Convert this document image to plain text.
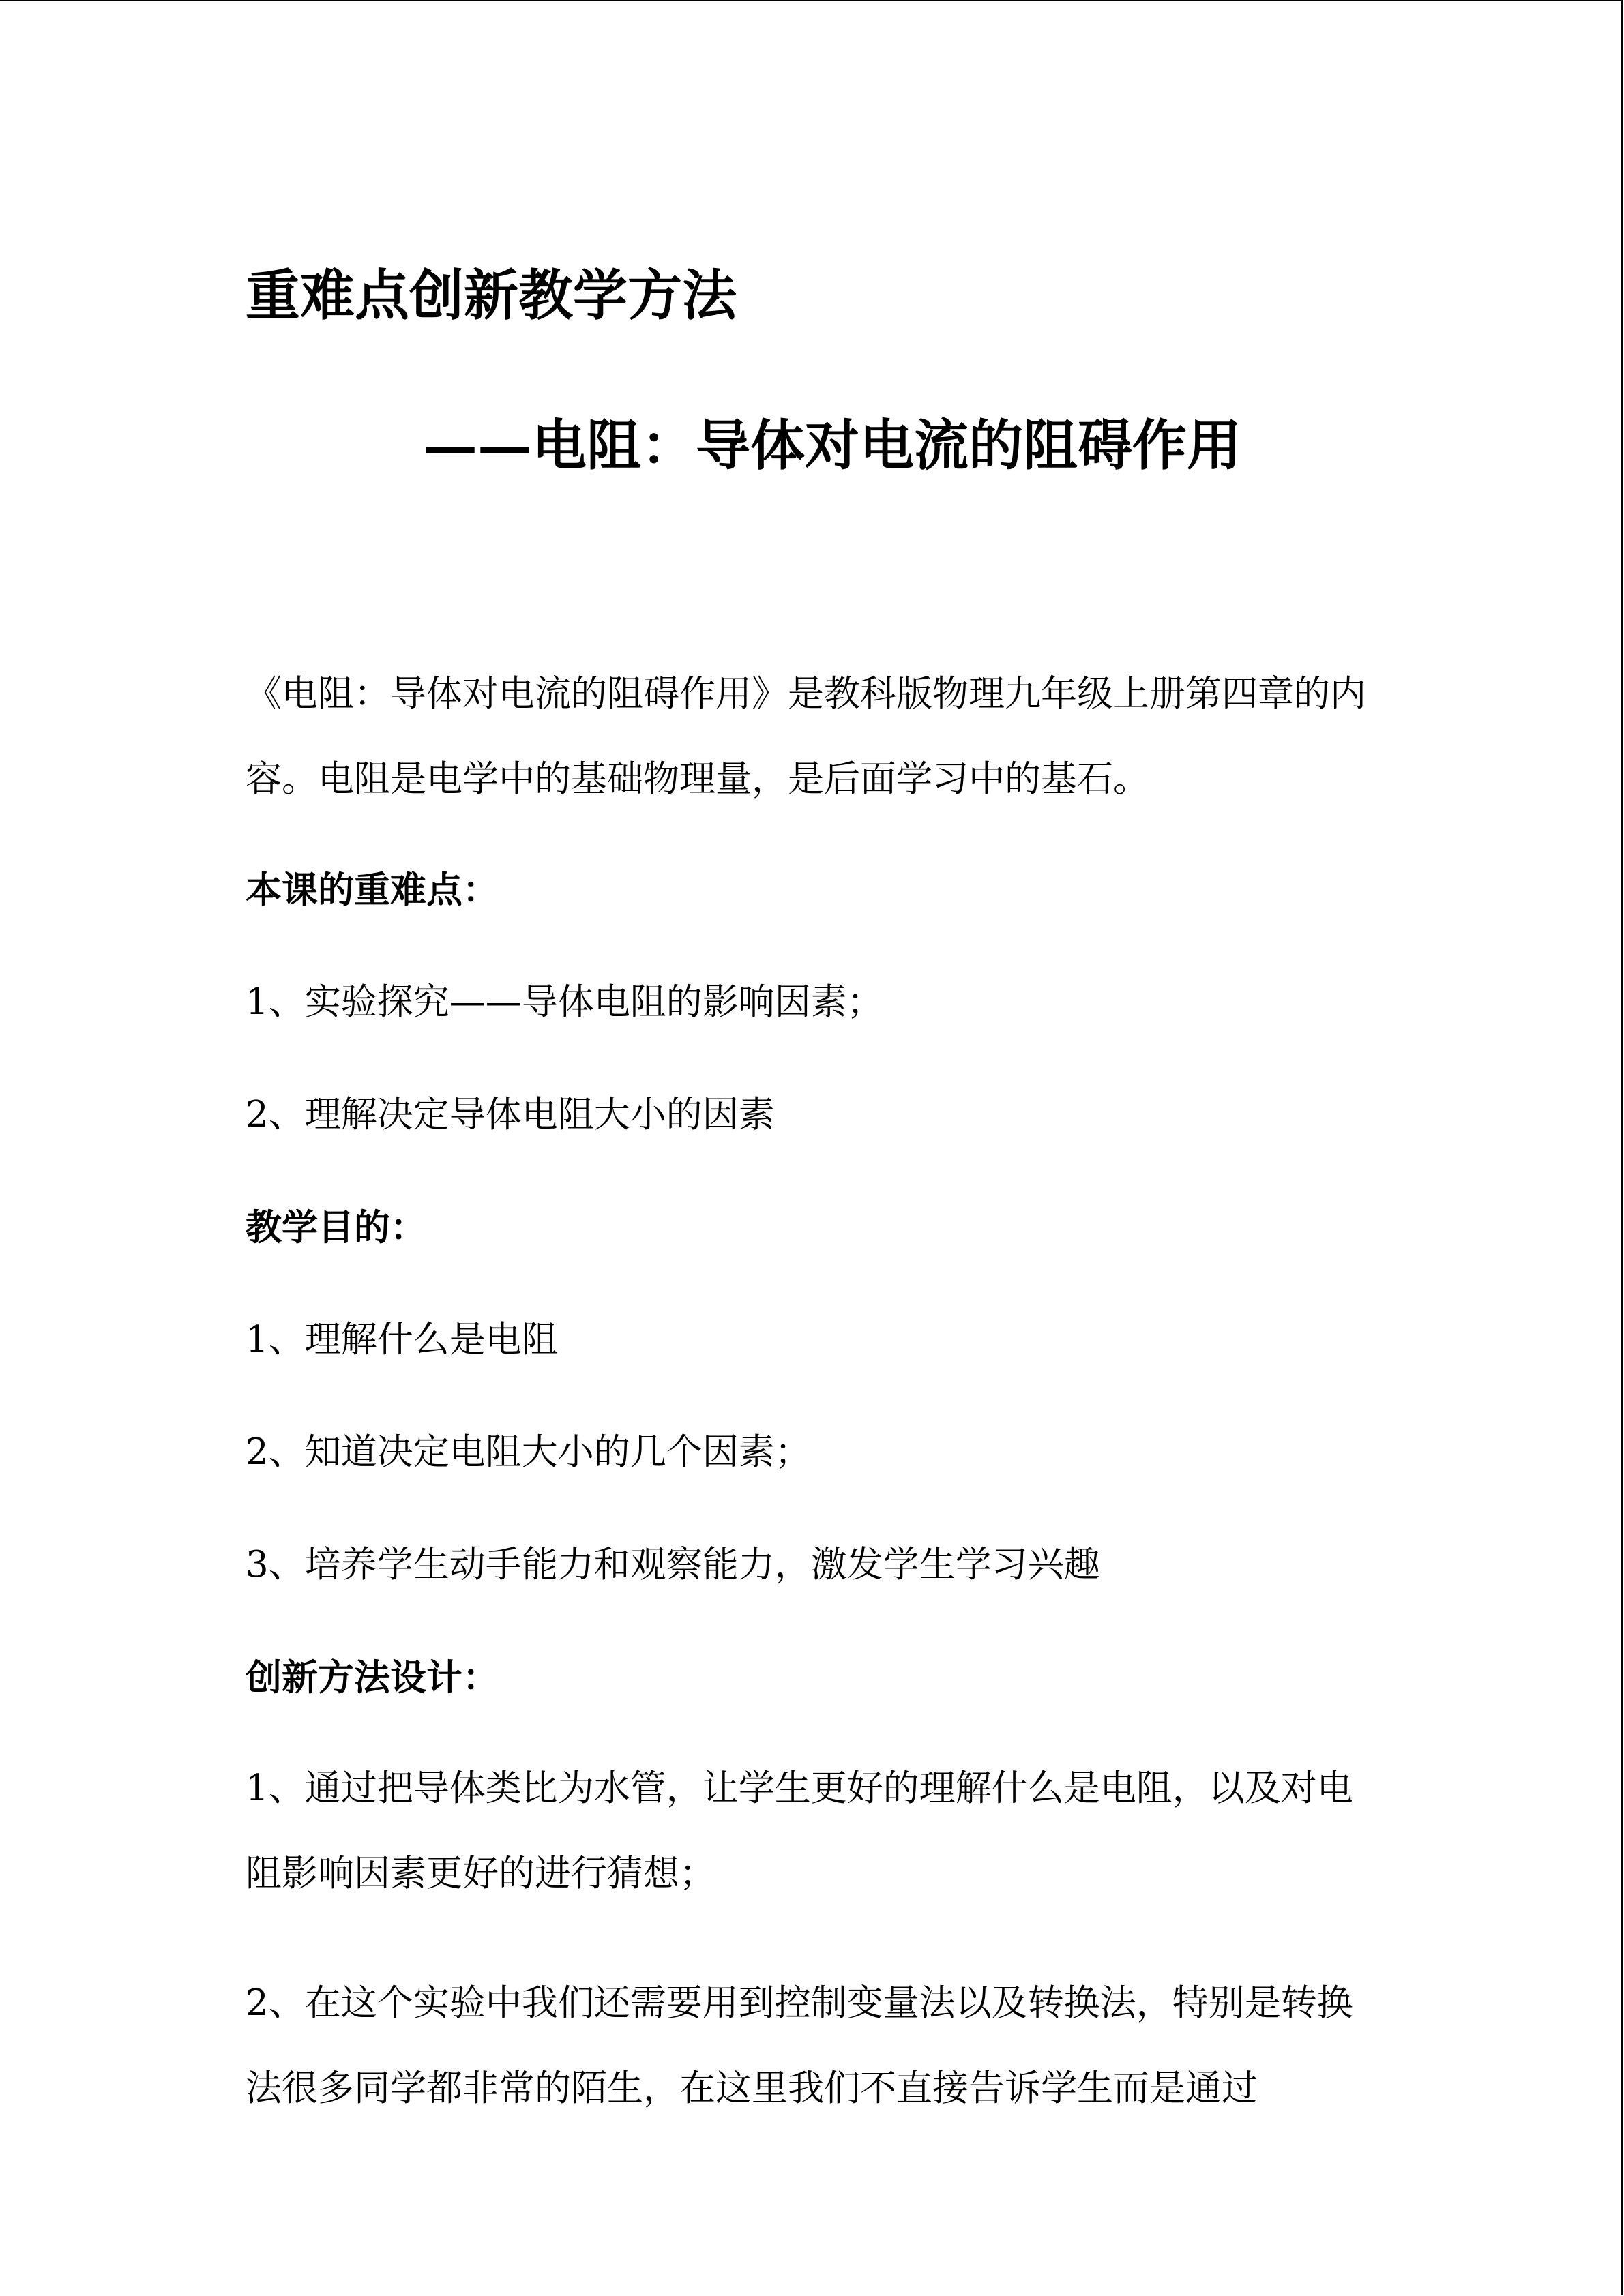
重难点创新教学方法
——电阻：导体对电流的阻碍作用
《电阻：导体对电流的阻碍作用》是教科版物理九年级上册第四章的内容。电阻是电学中的基础物理量，是后面学习中的基石。
本课的重难点：
1、实验探究——导体电阻的影响因素；
2、理解决定导体电阻大小的因素
教学目的：
1、理解什么是电阻
2、知道决定电阻大小的几个因素；
3、培养学生动手能力和观察能力，激发学生学习兴趣
创新方法设计：
1、通过把导体类比为水管，让学生更好的理解什么是电阻，以及对电阻影响因素更好的进行猜想；
2、在这个实验中我们还需要用到控制变量法以及转换法，特别是转换法很多同学都非常的陌生，在这里我们不直接告诉学生而是通过
